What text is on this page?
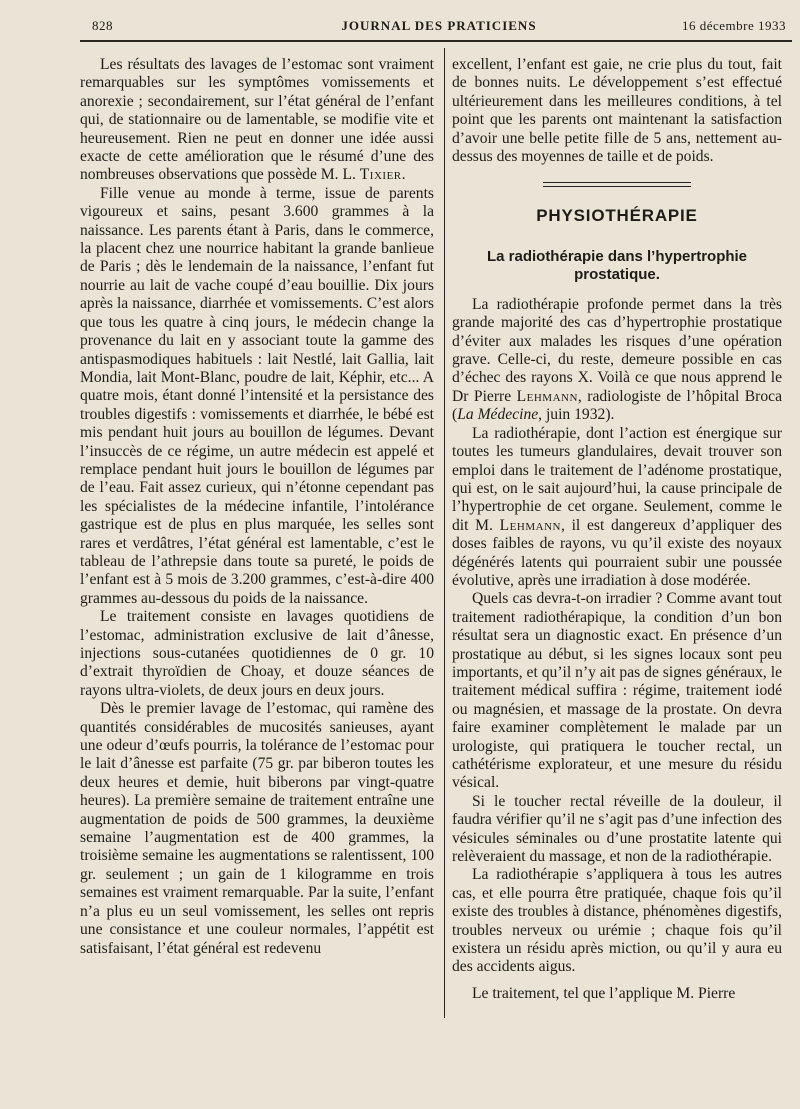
828	JOURNAL DES PRATICIENS	16 décembre 1933

Les résultats des lavages de l’estomac sont vraiment remarquables sur les symptômes vomissements et anorexie ; secondairement, sur l’état général de l’enfant qui, de stationnaire ou de lamentable, se modifie vite et heureusement. Rien ne peut en donner une idée aussi exacte de cette amélioration que le résumé d’une des nombreuses observations que possède M. L. Tixier.

Fille venue au monde à terme, issue de parents vigoureux et sains, pesant 3.600 grammes à la naissance. Les parents étant à Paris, dans le commerce, la placent chez une nourrice habitant la grande banlieue de Paris ; dès le lendemain de la naissance, l’enfant fut nourrie au lait de vache coupé d’eau bouillie. Dix jours après la naissance, diarrhée et vomissements. C’est alors que tous les quatre à cinq jours, le médecin change la provenance du lait en y associant toute la gamme des antispasmodiques habituels : lait Nestlé, lait Gallia, lait Mondia, lait Mont-Blanc, poudre de lait, Képhir, etc... A quatre mois, étant donné l’intensité et la persistance des troubles digestifs : vomissements et diarrhée, le bébé est mis pendant huit jours au bouillon de légumes. Devant l’insuccès de ce régime, un autre médecin est appelé et remplace pendant huit jours le bouillon de légumes par de l’eau. Fait assez curieux, qui n’étonne cependant pas les spécialistes de la médecine infantile, l’intolérance gastrique est de plus en plus marquée, les selles sont rares et verdâtres, l’état général est lamentable, c’est le tableau de l’athrepsie dans toute sa pureté, le poids de l’enfant est à 5 mois de 3.200 grammes, c’est-à-dire 400 grammes au-dessous du poids de la naissance.

Le traitement consiste en lavages quotidiens de l’estomac, administration exclusive de lait d’ânesse, injections sous-cutanées quotidiennes de 0 gr. 10 d’extrait thyroïdien de Choay, et douze séances de rayons ultra-violets, de deux jours en deux jours.

Dès le premier lavage de l’estomac, qui ramène des quantités considérables de mucosités sanieuses, ayant une odeur d’œufs pourris, la tolérance de l’estomac pour le lait d’ânesse est parfaite (75 gr. par biberon toutes les deux heures et demie, huit biberons par vingt-quatre heures). La première semaine de traitement entraîne une augmentation de poids de 500 grammes, la deuxième semaine l’augmentation est de 400 grammes, la troisième semaine les augmentations se ralentissent, 100 gr. seulement ; un gain de 1 kilogramme en trois semaines est vraiment remarquable. Par la suite, l’enfant n’a plus eu un seul vomissement, les selles ont repris une consistance et une couleur normales, l’appétit est satisfaisant, l’état général est redevenu

excellent, l’enfant est gaie, ne crie plus du tout, fait de bonnes nuits. Le développement s’est effectué ultérieurement dans les meilleures conditions, à tel point que les parents ont maintenant la satisfaction d’avoir une belle petite fille de 5 ans, nettement au-dessus des moyennes de taille et de poids.

PHYSIOTHÉRAPIE
La radiothérapie dans l’hypertrophie prostatique.

La radiothérapie profonde permet dans la très grande majorité des cas d’hypertrophie prostatique d’éviter aux malades les risques d’une opération grave. Celle-ci, du reste, demeure possible en cas d’échec des rayons X. Voilà ce que nous apprend le Dr Pierre Lehmann, radiologiste de l’hôpital Broca (La Médecine, juin 1932).

La radiothérapie, dont l’action est énergique sur toutes les tumeurs glandulaires, devait trouver son emploi dans le traitement de l’adénome prostatique, qui est, on le sait aujourd’hui, la cause principale de l’hypertrophie de cet organe. Seulement, comme le dit M. Lehmann, il est dangereux d’appliquer des doses faibles de rayons, vu qu’il existe des noyaux dégénérés latents qui pourraient subir une poussée évolutive, après une irradiation à dose modérée.

Quels cas devra-t-on irradier ? Comme avant tout traitement radiothérapique, la condition d’un bon résultat sera un diagnostic exact. En présence d’un prostatique au début, si les signes locaux sont peu importants, et qu’il n’y ait pas de signes généraux, le traitement médical suffira : régime, traitement iodé ou magnésien, et massage de la prostate. On devra faire examiner complètement le malade par un urologiste, qui pratiquera le toucher rectal, un cathétérisme explorateur, et une mesure du résidu vésical.

Si le toucher rectal réveille de la douleur, il faudra vérifier qu’il ne s’agit pas d’une infection des vésicules séminales ou d’une prostatite latente qui relèveraient du massage, et non de la radiothérapie.

La radiothérapie s’appliquera à tous les autres cas, et elle pourra être pratiquée, chaque fois qu’il existe des troubles à distance, phénomènes digestifs, troubles nerveux ou urémie ; chaque fois qu’il existera un résidu après miction, ou qu’il y aura eu des accidents aigus.

Le traitement, tel que l’applique M. Pierre
